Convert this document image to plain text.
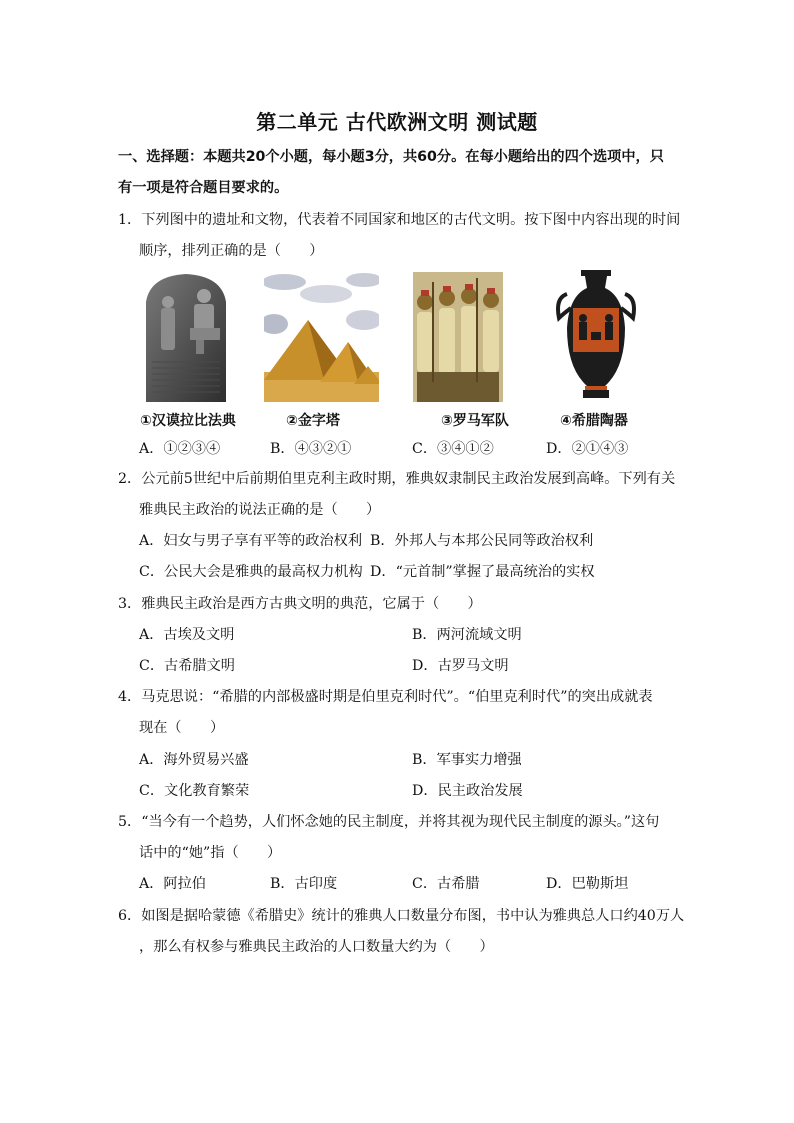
第二单元 古代欧洲文明 测试题
一、选择题：本题共20个小题，每小题3分，共60分。在每小题给出的四个选项中，只
有一项是符合题目要求的。
1．下列图中的遗址和文物，代表着不同国家和地区的古代文明。按下图中内容出现的时间
顺序，排列正确的是（　　）
①汉谟拉比法典	②金字塔	③罗马军队	④希腊陶器
A．①②③④	B．④③②①	C．③④①②	D．②①④③
2．公元前5世纪中后前期伯里克利主政时期，雅典奴隶制民主政治发展到高峰。下列有关
雅典民主政治的说法正确的是（　　）
A．妇女与男子享有平等的政治权利 B．外邦人与本邦公民同等政治权利
C．公民大会是雅典的最高权力机构 D．“元首制”掌握了最高统治的实权
3．雅典民主政治是西方古典文明的典范，它属于（　　）
A．古埃及文明	B．两河流域文明
C．古希腊文明	D．古罗马文明
4．马克思说：“希腊的内部极盛时期是伯里克利时代”。“伯里克利时代”的突出成就表
现在（　　）
A．海外贸易兴盛	B．军事实力增强
C．文化教育繁荣	D．民主政治发展
5．“当今有一个趋势，人们怀念她的民主制度，并将其视为现代民主制度的源头。”这句
话中的“她”指（　　）
A．阿拉伯	B．古印度	C．古希腊	D．巴勒斯坦
6．如图是据哈蒙德《希腊史》统计的雅典人口数量分布图，书中认为雅典总人口约40万人
，那么有权参与雅典民主政治的人口数量大约为（　　）
